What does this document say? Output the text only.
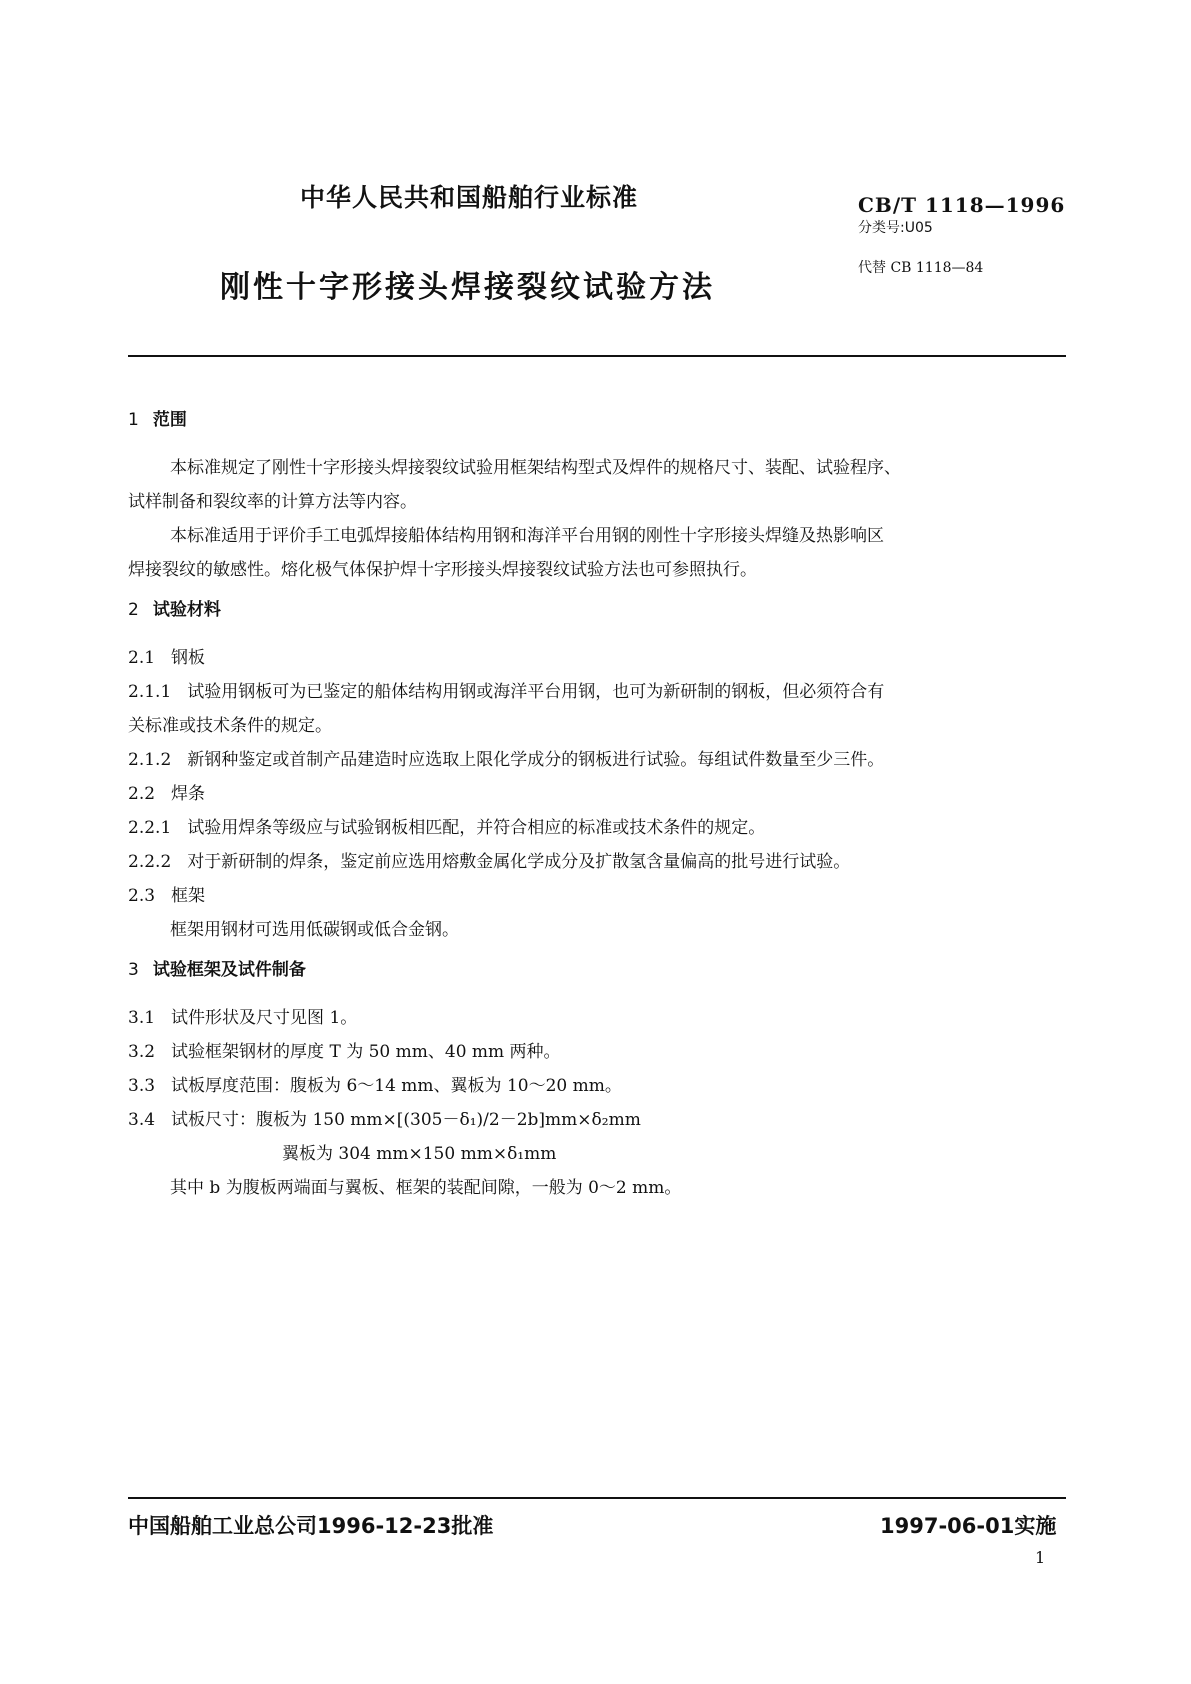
中华人民共和国船舶行业标准	CB/T 1118—1996
分类号:U05
代替 CB 1118—84
刚性十字形接头焊接裂纹试验方法
1 范围
本标准规定了刚性十字形接头焊接裂纹试验用框架结构型式及焊件的规格尺寸、装配、试验程序、
试样制备和裂纹率的计算方法等内容。
本标准适用于评价手工电弧焊接船体结构用钢和海洋平台用钢的刚性十字形接头焊缝及热影响区
焊接裂纹的敏感性。熔化极气体保护焊十字形接头焊接裂纹试验方法也可参照执行。
2 试验材料
2.1 钢板
2.1.1 试验用钢板可为已鉴定的船体结构用钢或海洋平台用钢，也可为新研制的钢板，但必须符合有
关标准或技术条件的规定。
2.1.2 新钢种鉴定或首制产品建造时应选取上限化学成分的钢板进行试验。每组试件数量至少三件。
2.2 焊条
2.2.1 试验用焊条等级应与试验钢板相匹配，并符合相应的标准或技术条件的规定。
2.2.2 对于新研制的焊条，鉴定前应选用熔敷金属化学成分及扩散氢含量偏高的批号进行试验。
2.3 框架
框架用钢材可选用低碳钢或低合金钢。
3 试验框架及试件制备
3.1 试件形状及尺寸见图 1。
3.2 试验框架钢材的厚度 T 为 50 mm、40 mm 两种。
3.3 试板厚度范围：腹板为 6～14 mm、翼板为 10～20 mm。
3.4 试板尺寸：腹板为 150 mm×[(305－δ₁)/2－2b]mm×δ₂mm
翼板为 304 mm×150 mm×δ₁mm
其中 b 为腹板两端面与翼板、框架的装配间隙，一般为 0～2 mm。
中国船舶工业总公司1996-12-23批准	1997-06-01实施
1
